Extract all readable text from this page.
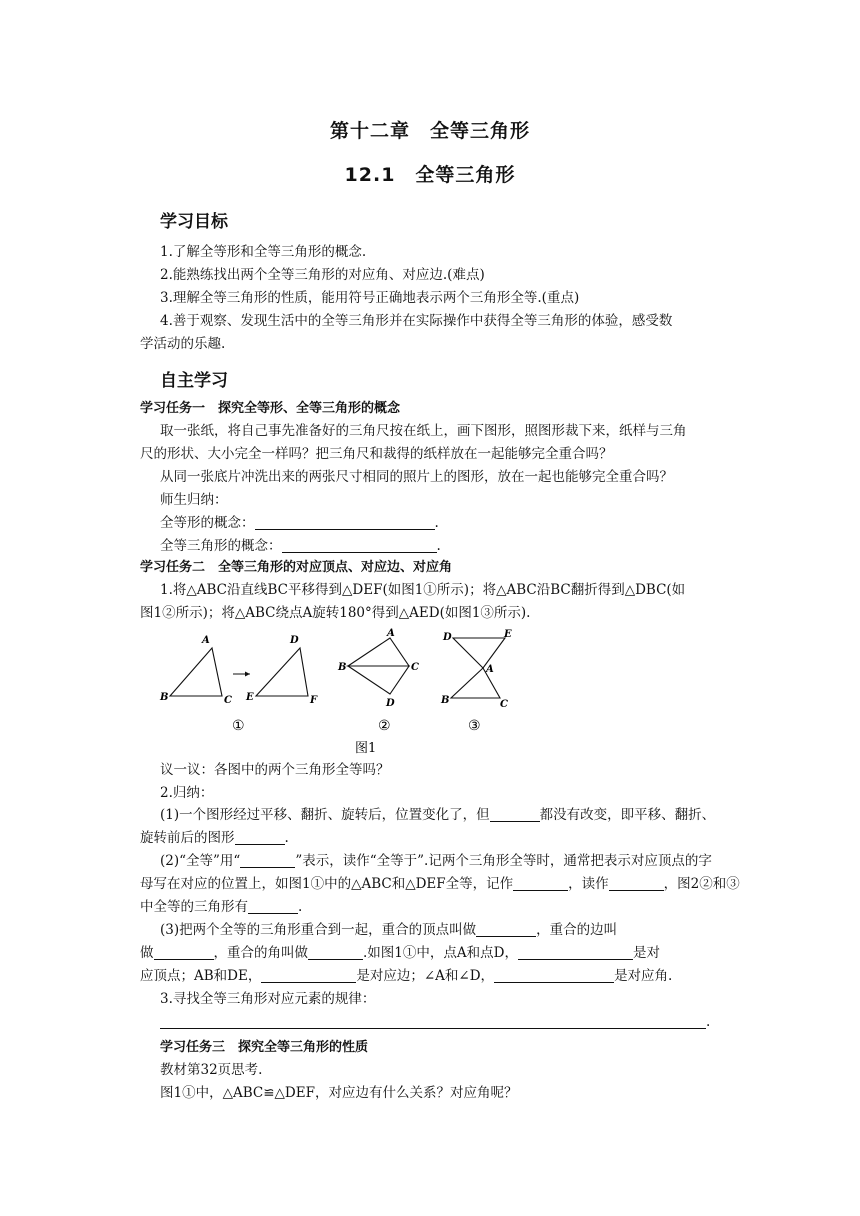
第十二章　全等三角形
12.1　全等三角形
学习目标
1.了解全等形和全等三角形的概念.
2.能熟练找出两个全等三角形的对应角、对应边.(难点)
3.理解全等三角形的性质，能用符号正确地表示两个三角形全等.(重点)
4.善于观察、发现生活中的全等三角形并在实际操作中获得全等三角形的体验，感受数
学活动的乐趣.
自主学习
学习任务一　探究全等形、全等三角形的概念
取一张纸，将自己事先准备好的三角尺按在纸上，画下图形，照图形裁下来，纸样与三角
尺的形状、大小完全一样吗？把三角尺和裁得的纸样放在一起能够完全重合吗？
从同一张底片冲洗出来的两张尺寸相同的照片上的图形，放在一起也能够完全重合吗？
师生归纳：
全等形的概念：	.
全等三角形的概念：	.
学习任务二　全等三角形的对应顶点、对应边、对应角
1.将△ABC沿直线BC平移得到△DEF(如图1①所示)；将△ABC沿BC翻折得到△DBC(如
图1②所示)；将△ABC绕点A旋转180°得到△AED(如图1③所示).
A
B	C
D
E	F
B	C
A
D
D	E
A
B	C
①	②	③
图1
议一议：各图中的两个三角形全等吗？
2.归纳：
(1)一个图形经过平移、翻折、旋转后，位置变化了，但	都没有改变，即平移、翻折、
旋转前后的图形	.
(2)“全等”用“	”表示，读作“全等于”.记两个三角形全等时，通常把表示对应顶点的字
母写在对应的位置上，如图1①中的△ABC和△DEF全等，记作	，读作	，图2②和③
中全等的三角形有	.
(3)把两个全等的三角形重合到一起，重合的顶点叫做	，重合的边叫
做	，重合的角叫做	.如图1①中，点A和点D，	是对
应顶点；AB和DE，	是对应边；∠A和∠D，	是对应角.
3.寻找全等三角形对应元素的规律：
.
学习任务三　探究全等三角形的性质
教材第32页思考.
图1①中，△ABC≌△DEF，对应边有什么关系？对应角呢？
